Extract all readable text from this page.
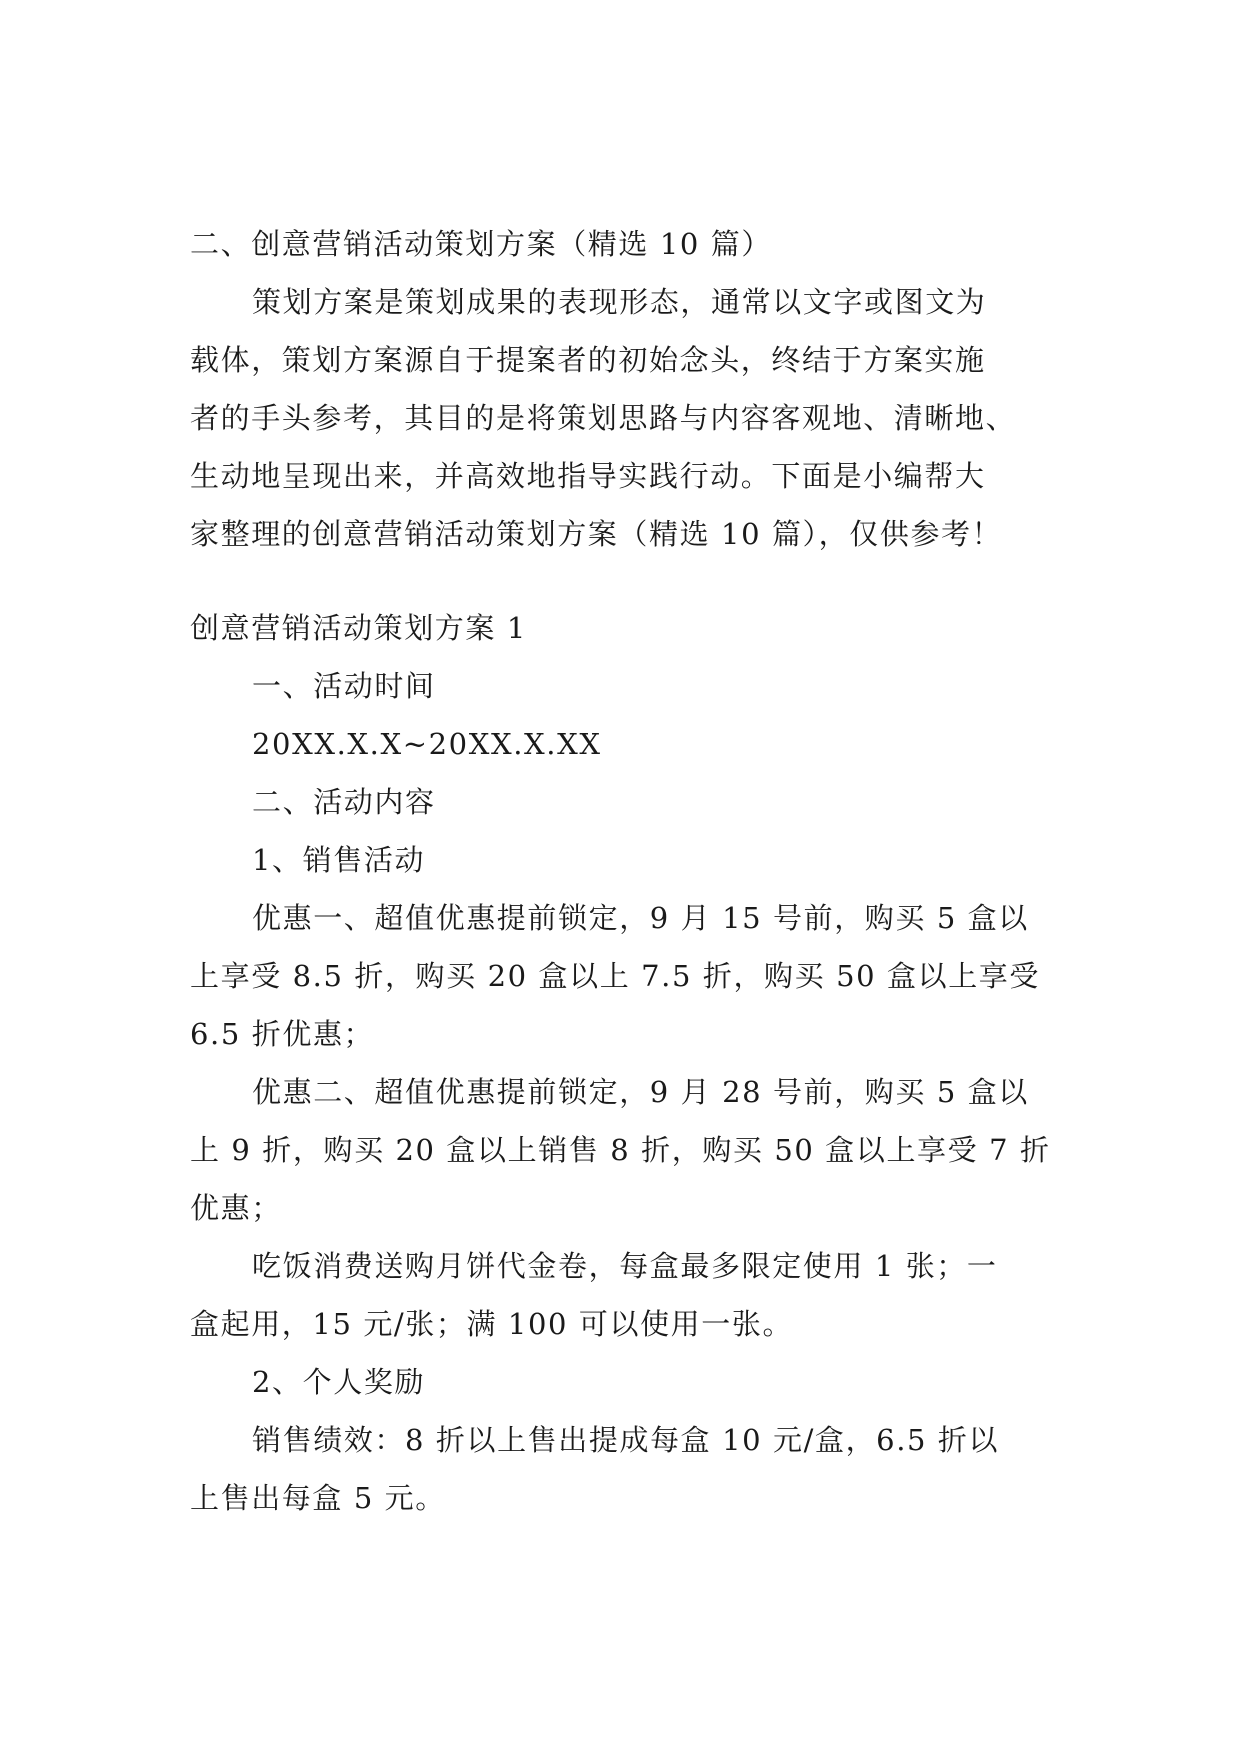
二、创意营销活动策划方案（精选 10 篇）
策划方案是策划成果的表现形态，通常以文字或图文为
载体，策划方案源自于提案者的初始念头，终结于方案实施
者的手头参考，其目的是将策划思路与内容客观地、清晰地、
生动地呈现出来，并高效地指导实践行动。下面是小编帮大
家整理的创意营销活动策划方案（精选 10 篇），仅供参考！
创意营销活动策划方案 1
一、活动时间
20XX.X.X~20XX.X.XX
二、活动内容
1、销售活动
优惠一、超值优惠提前锁定，9 月 15 号前，购买 5 盒以
上享受 8.5 折，购买 20 盒以上 7.5 折，购买 50 盒以上享受
6.5 折优惠；
优惠二、超值优惠提前锁定，9 月 28 号前，购买 5 盒以
上 9 折，购买 20 盒以上销售 8 折，购买 50 盒以上享受 7 折
优惠；
吃饭消费送购月饼代金卷，每盒最多限定使用 1 张；一
盒起用，15 元/张；满 100 可以使用一张。
2、个人奖励
销售绩效：8 折以上售出提成每盒 10 元/盒，6.5 折以
上售出每盒 5 元。
